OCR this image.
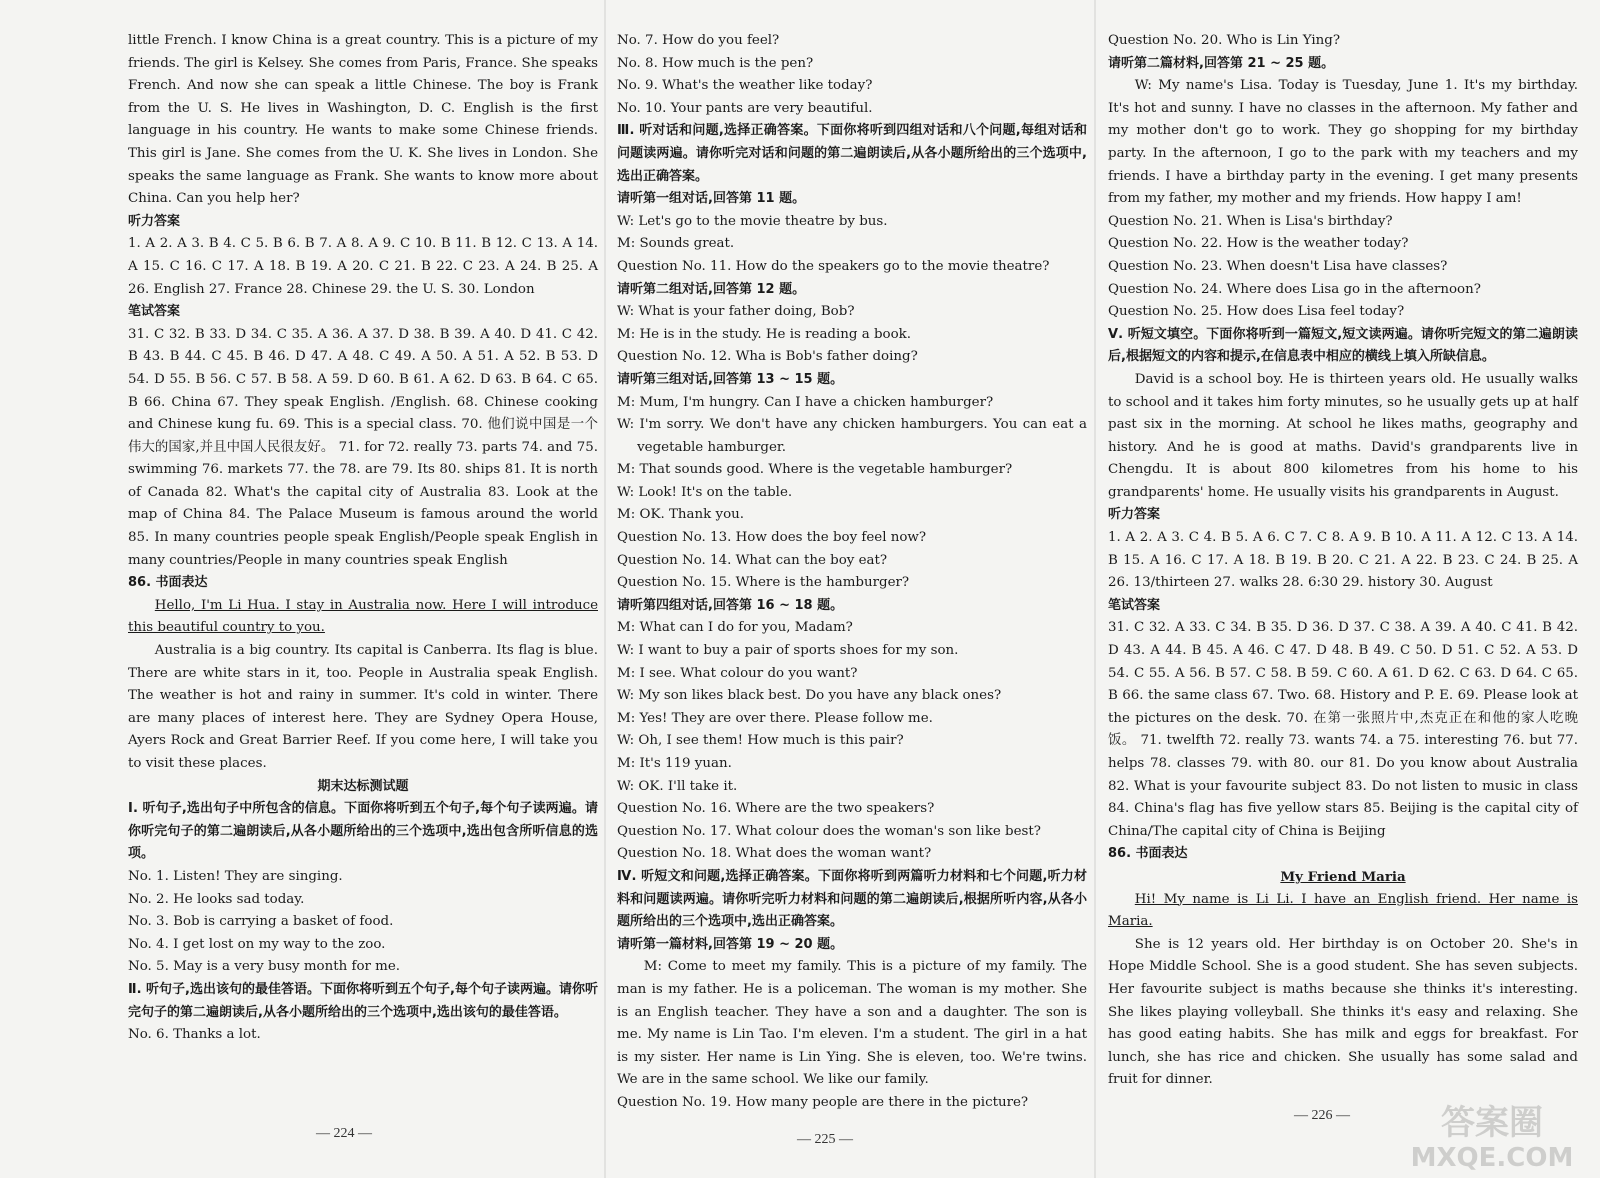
little French. I know China is a great country. This is a picture of my friends. The girl is Kelsey. She comes from Paris, France. She speaks French. And now she can speak a little Chinese. The boy is Frank from the U. S. He lives in Washington, D. C. English is the first language in his country. He wants to make some Chinese friends. This girl is Jane. She comes from the U. K. She lives in London. She speaks the same language as Frank. She wants to know more about China. Can you help her?

听力答案

1. A 2. A 3. B 4. C 5. B 6. B 7. A 8. A 9. C 10. B 11. B 12. C 13. A 14. A 15. C 16. C 17. A 18. B 19. A 20. C 21. B 22. C 23. A 24. B 25. A 26. English 27. France 28. Chinese 29. the U. S. 30. London

笔试答案

31. C 32. B 33. D 34. C 35. A 36. A 37. D 38. B 39. A 40. D 41. C 42. B 43. B 44. C 45. B 46. D 47. A 48. C 49. A 50. A 51. A 52. B 53. D 54. D 55. B 56. C 57. B 58. A 59. D 60. B 61. A 62. D 63. B 64. C 65. B 66. China 67. They speak English. /English. 68. Chinese cooking and Chinese kung fu. 69. This is a special class. 70. 他们说中国是一个伟大的国家,并且中国人民很友好。 71. for 72. really 73. parts 74. and 75. swimming 76. markets 77. the 78. are 79. Its 80. ships 81. It is north of Canada 82. What's the capital city of Australia 83. Look at the map of China 84. The Palace Museum is famous around the world 85. In many countries people speak English/People speak English in many countries/People in many countries speak English

86. 书面表达

Hello, I'm Li Hua. I stay in Australia now. Here I will introduce this beautiful country to you.

Australia is a big country. Its capital is Canberra. Its flag is blue. There are white stars in it, too. People in Australia speak English. The weather is hot and rainy in summer. It's cold in winter. There are many places of interest here. They are Sydney Opera House, Ayers Rock and Great Barrier Reef. If you come here, I will take you to visit these places.

期末达标测试题

Ⅰ. 听句子,选出句子中所包含的信息。下面你将听到五个句子,每个句子读两遍。请你听完句子的第二遍朗读后,从各小题所给出的三个选项中,选出包含所听信息的选项。

No. 1. Listen! They are singing.

No. 2. He looks sad today.

No. 3. Bob is carrying a basket of food.

No. 4. I get lost on my way to the zoo.

No. 5. May is a very busy month for me.

Ⅱ. 听句子,选出该句的最佳答语。下面你将听到五个句子,每个句子读两遍。请你听完句子的第二遍朗读后,从各小题所给出的三个选项中,选出该句的最佳答语。

No. 6. Thanks a lot.

No. 7. How do you feel?

No. 8. How much is the pen?

No. 9. What's the weather like today?

No. 10. Your pants are very beautiful.

Ⅲ. 听对话和问题,选择正确答案。下面你将听到四组对话和八个问题,每组对话和问题读两遍。请你听完对话和问题的第二遍朗读后,从各小题所给出的三个选项中,选出正确答案。

请听第一组对话,回答第 11 题。

W: Let's go to the movie theatre by bus.

M: Sounds great.

Question No. 11. How do the speakers go to the movie theatre?

请听第二组对话,回答第 12 题。

W: What is your father doing, Bob?

M: He is in the study. He is reading a book.

Question No. 12. Wha is Bob's father doing?

请听第三组对话,回答第 13 ~ 15 题。

M: Mum, I'm hungry. Can I have a chicken hamburger?

W: I'm sorry. We don't have any chicken hamburgers. You can eat a vegetable hamburger.

M: That sounds good. Where is the vegetable hamburger?

W: Look! It's on the table.

M: OK. Thank you.

Question No. 13. How does the boy feel now?

Question No. 14. What can the boy eat?

Question No. 15. Where is the hamburger?

请听第四组对话,回答第 16 ~ 18 题。

M: What can I do for you, Madam?

W: I want to buy a pair of sports shoes for my son.

M: I see. What colour do you want?

W: My son likes black best. Do you have any black ones?

M: Yes! They are over there. Please follow me.

W: Oh, I see them! How much is this pair?

M: It's 119 yuan.

W: OK. I'll take it.

Question No. 16. Where are the two speakers?

Question No. 17. What colour does the woman's son like best?

Question No. 18. What does the woman want?

Ⅳ. 听短文和问题,选择正确答案。下面你将听到两篇听力材料和七个问题,听力材料和问题读两遍。请你听完听力材料和问题的第二遍朗读后,根据所听内容,从各小题所给出的三个选项中,选出正确答案。

请听第一篇材料,回答第 19 ~ 20 题。

M: Come to meet my family. This is a picture of my family. The man is my father. He is a policeman. The woman is my mother. She is an English teacher. They have a son and a daughter. The son is me. My name is Lin Tao. I'm eleven. I'm a student. The girl in a hat is my sister. Her name is Lin Ying. She is eleven, too. We're twins. We are in the same school. We like our family.

Question No. 19. How many people are there in the picture?

Question No. 20. Who is Lin Ying?

请听第二篇材料,回答第 21 ~ 25 题。

W: My name's Lisa. Today is Tuesday, June 1. It's my birthday. It's hot and sunny. I have no classes in the afternoon. My father and my mother don't go to work. They go shopping for my birthday party. In the afternoon, I go to the park with my teachers and my friends. I have a birthday party in the evening. I get many presents from my father, my mother and my friends. How happy I am!

Question No. 21. When is Lisa's birthday?

Question No. 22. How is the weather today?

Question No. 23. When doesn't Lisa have classes?

Question No. 24. Where does Lisa go in the afternoon?

Question No. 25. How does Lisa feel today?

Ⅴ. 听短文填空。下面你将听到一篇短文,短文读两遍。请你听完短文的第二遍朗读后,根据短文的内容和提示,在信息表中相应的横线上填入所缺信息。

David is a school boy. He is thirteen years old. He usually walks to school and it takes him forty minutes, so he usually gets up at half past six in the morning. At school he likes maths, geography and history. And he is good at maths. David's grandparents live in Chengdu. It is about 800 kilometres from his home to his grandparents' home. He usually visits his grandparents in August.

听力答案

1. A 2. A 3. C 4. B 5. A 6. C 7. C 8. A 9. B 10. A 11. A 12. C 13. A 14. B 15. A 16. C 17. A 18. B 19. B 20. C 21. A 22. B 23. C 24. B 25. A 26. 13/thirteen 27. walks 28. 6:30 29. history 30. August

笔试答案

31. C 32. A 33. C 34. B 35. D 36. D 37. C 38. A 39. A 40. C 41. B 42. D 43. A 44. B 45. A 46. C 47. D 48. B 49. C 50. D 51. C 52. A 53. D 54. C 55. A 56. B 57. C 58. B 59. C 60. A 61. D 62. C 63. D 64. C 65. B 66. the same class 67. Two. 68. History and P. E. 69. Please look at the pictures on the desk. 70. 在第一张照片中,杰克正在和他的家人吃晚饭。 71. twelfth 72. really 73. wants 74. a 75. interesting 76. but 77. helps 78. classes 79. with 80. our 81. Do you know about Australia 82. What is your favourite subject 83. Do not listen to music in class 84. China's flag has five yellow stars 85. Beijing is the capital city of China/The capital city of China is Beijing

86. 书面表达

My Friend Maria

Hi! My name is Li Li. I have an English friend. Her name is Maria.

She is 12 years old. Her birthday is on October 20. She's in Hope Middle School. She is a good student. She has seven subjects. Her favourite subject is maths because she thinks it's interesting. She likes playing volleyball. She thinks it's easy and relaxing. She has good eating habits. She has milk and eggs for breakfast. For lunch, she has rice and chicken. She usually has some salad and fruit for dinner.

— 224 —	— 225 —
— 226 —	答案圈
MXQE.COM
